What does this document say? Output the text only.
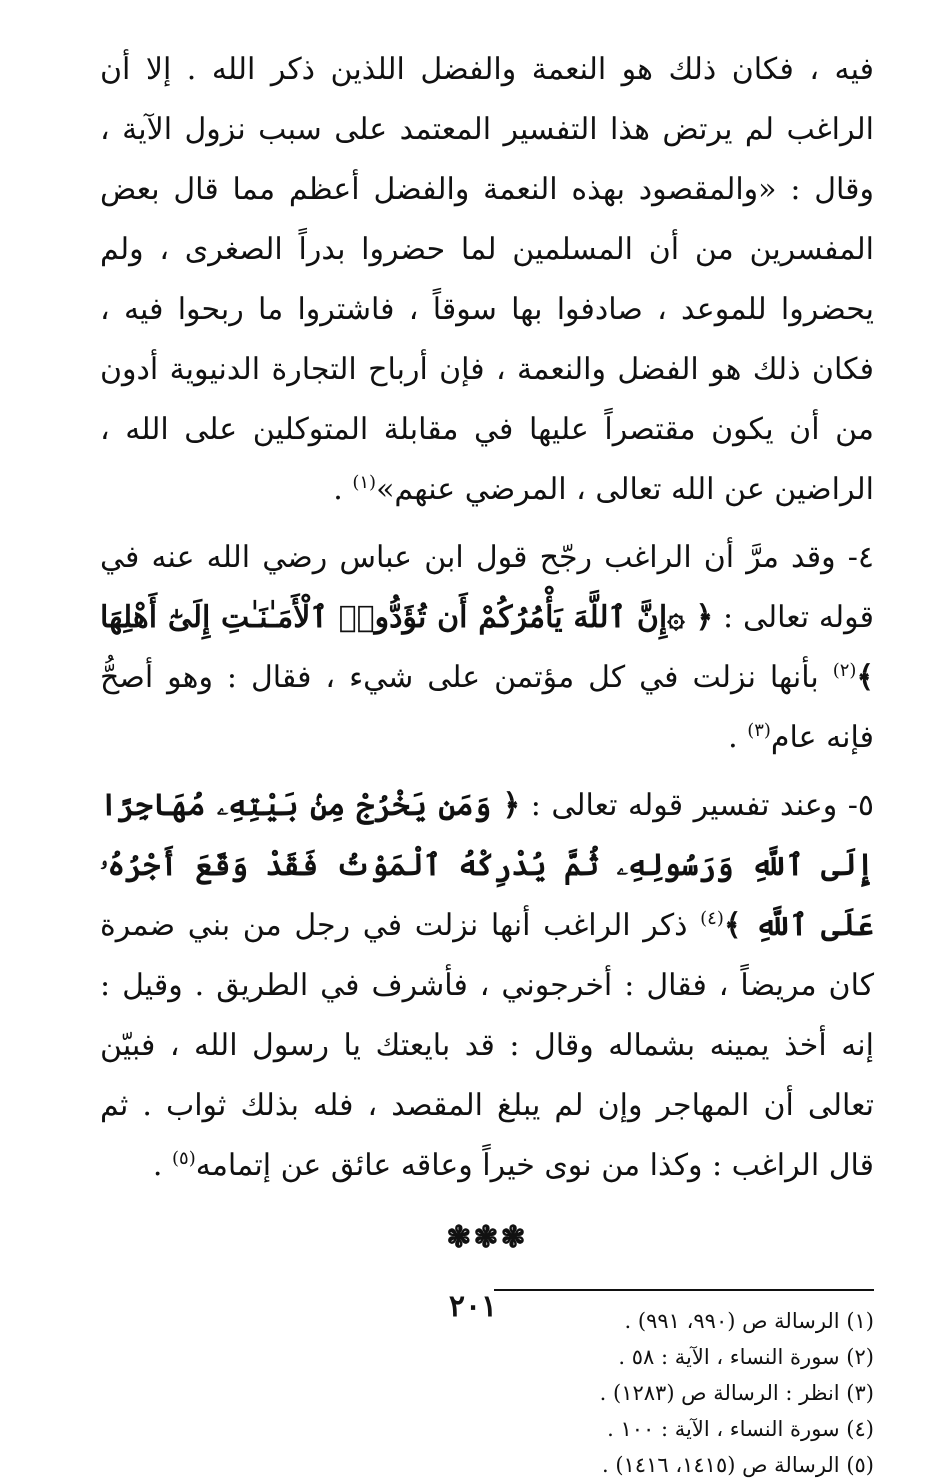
فيه ، فكان ذلك هو النعمة والفضل اللذين ذكر الله . إلا أن الراغب لم يرتض هذا التفسير المعتمد على سبب نزول الآية ، وقال : «والمقصود بهذه النعمة والفضل أعظم مما قال بعض المفسرين من أن المسلمين لما حضروا بدراً الصغرى ، ولم يحضروا للموعد ، صادفوا بها سوقاً ، فاشتروا ما ربحوا فيه ، فكان ذلك هو الفضل والنعمة ، فإن أرباح التجارة الدنيوية أدون من أن يكون مقتصراً عليها في مقابلة المتوكلين على الله ، الراضين عن الله تعالى ، المرضي عنهم»$^{(١)}$ .

٤- وقد مرَّ أن الراغب رجّح قول ابن عباس رضي الله عنه في قوله تعالى : ﴿ ۞إِنَّ ٱللَّهَ يَأْمُرُكُمْ أَن تُؤَدُّوا۟ ٱلْأَمَـٰنَـٰتِ إِلَىٰٓ أَهْلِهَا ﴾$^{(٢)}$ بأنها نزلت في كل مؤتمن على شيء ، فقال : وهو أصحُّ فإنه عام$^{(٣)}$ .

٥- وعند تفسير قوله تعالى : ﴿ وَمَن يَخْرُجْ مِنۢ بَيْتِهِۦ مُهَاجِرًا إِلَى ٱللَّهِ وَرَسُولِهِۦ ثُمَّ يُدْرِكْهُ ٱلْمَوْتُ فَقَدْ وَقَعَ أَجْرُهُۥ عَلَى ٱللَّهِ ﴾$^{(٤)}$ ذكر الراغب أنها نزلت في رجل من بني ضمرة كان مريضاً ، فقال : أخرجوني ، فأشرف في الطريق . وقيل : إنه أخذ يمينه بشماله وقال : قد بايعتك يا رسول الله ، فبيّن تعالى أن المهاجر وإن لم يبلغ المقصد ، فله بذلك ثواب . ثم قال الراغب : وكذا من نوى خيراً وعاقه عائق عن إتمامه$^{(٥)}$ .

❃❃❃
(١) الرسالة ص (٩٩٠، ٩٩١) .
(٢) سورة النساء ، الآية : ٥٨ .
(٣) انظر : الرسالة ص (١٢٨٣) .
(٤) سورة النساء ، الآية : ١٠٠ .
(٥) الرسالة ص (١٤١٥، ١٤١٦) .
٢٠١
